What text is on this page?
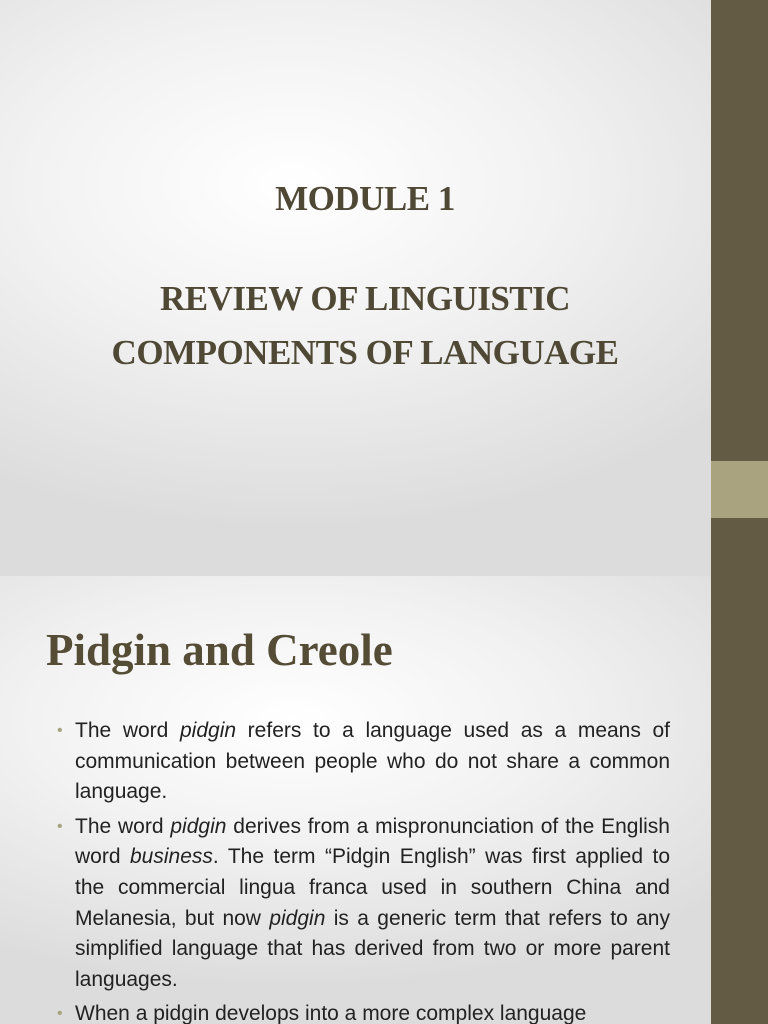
MODULE 1
REVIEW OF LINGUISTIC
COMPONENTS OF LANGUAGE
Pidgin and Creole
• The word pidgin refers to a language used as a means of communication between people who do not share a common language.
• The word pidgin derives from a mispronunciation of the English word business. The term “Pidgin English” was first applied to the commercial lingua franca used in southern China and Melanesia, but now pidgin is a generic term that refers to any simplified language that has derived from two or more parent languages.
• When a pidgin develops into a more complex language
